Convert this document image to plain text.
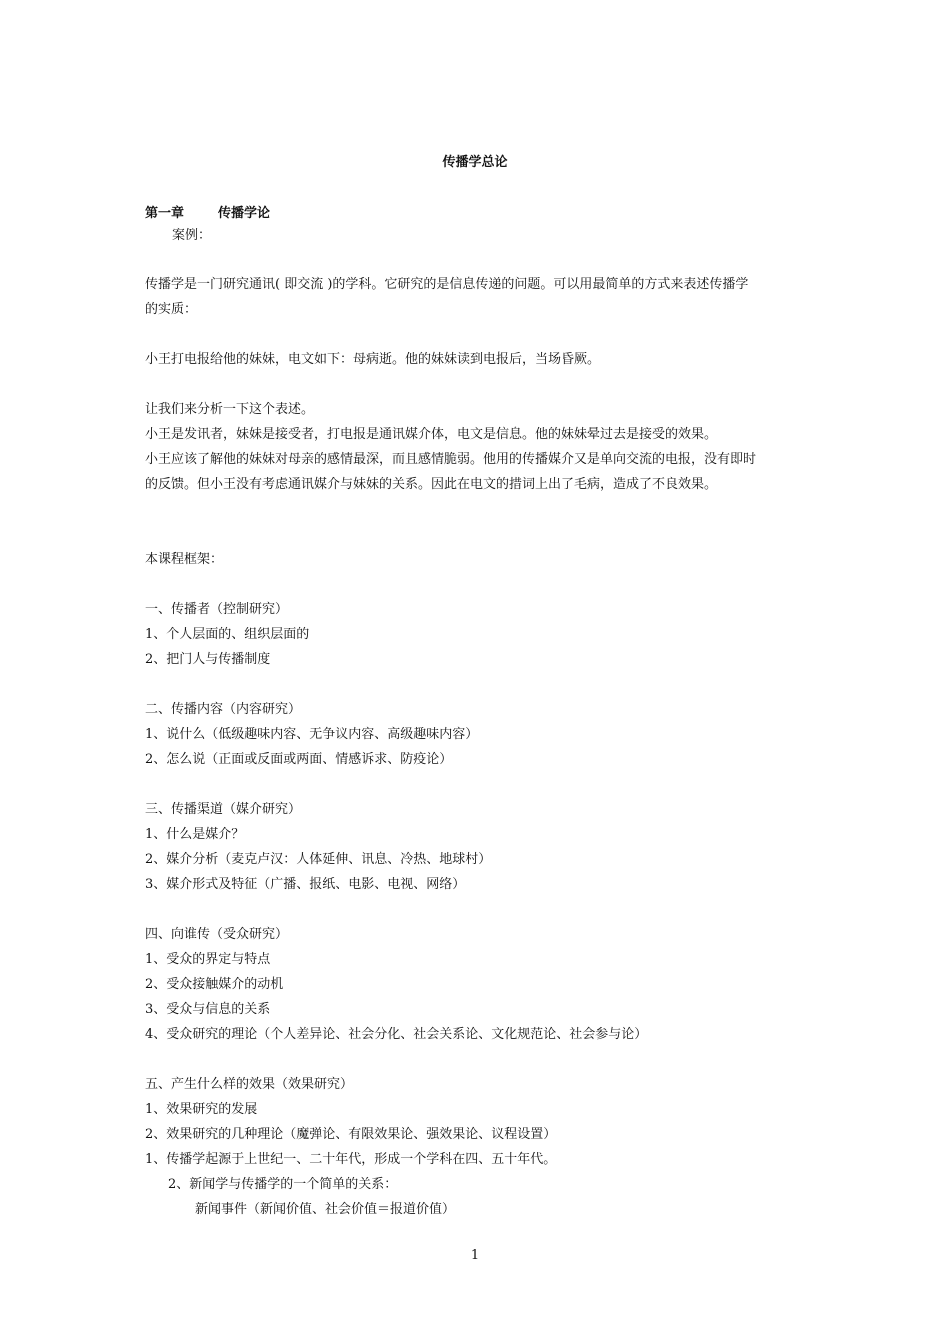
传播学总论
第一章	传播学论
案例：
传播学是一门研究通讯( 即交流 )的学科。它研究的是信息传递的问题。可以用最简单的方式来表述传播学
的实质：
小王打电报给他的妹妹，电文如下：母病逝。他的妹妹读到电报后，当场昏厥。
让我们来分析一下这个表述。
小王是发讯者，妹妹是接受者，打电报是通讯媒介体，电文是信息。他的妹妹晕过去是接受的效果。
小王应该了解他的妹妹对母亲的感情最深，而且感情脆弱。他用的传播媒介又是单向交流的电报，没有即时
的反馈。但小王没有考虑通讯媒介与妹妹的关系。因此在电文的措词上出了毛病，造成了不良效果。
本课程框架：
一、传播者（控制研究）
1、个人层面的、组织层面的
2、把门人与传播制度
二、传播内容（内容研究）
1、说什么（低级趣味内容、无争议内容、高级趣味内容）
2、怎么说（正面或反面或两面、情感诉求、防疫论）
三、传播渠道（媒介研究）
1、什么是媒介？
2、媒介分析（麦克卢汉：人体延伸、讯息、冷热、地球村）
3、媒介形式及特征（广播、报纸、电影、电视、网络）
四、向谁传（受众研究）
1、受众的界定与特点
2、受众接触媒介的动机
3、受众与信息的关系
4、受众研究的理论（个人差异论、社会分化、社会关系论、文化规范论、社会参与论）
五、产生什么样的效果（效果研究）
1、效果研究的发展
2、效果研究的几种理论（魔弹论、有限效果论、强效果论、议程设置）
1、传播学起源于上世纪一、二十年代，形成一个学科在四、五十年代。
2、新闻学与传播学的一个简单的关系：
新闻事件（新闻价值、社会价值＝报道价值）
1
